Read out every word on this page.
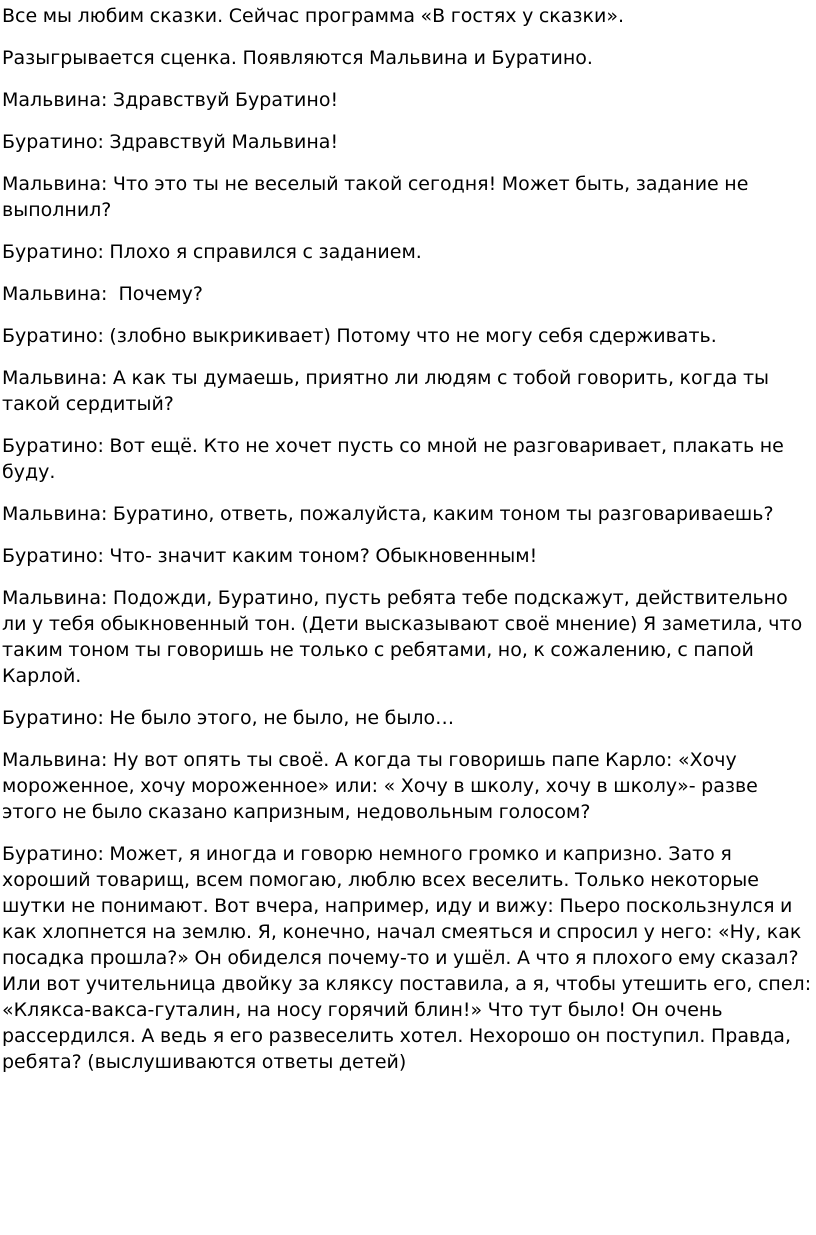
Все мы любим сказки. Сейчас программа «В гостях у сказки».

Разыгрывается сценка. Появляются Мальвина и Буратино.

Мальвина: Здравствуй Буратино!

Буратино: Здравствуй Мальвина!

Мальвина: Что это ты не веселый такой сегодня! Может быть, задание не выполнил?

Буратино: Плохо я справился с заданием.

Мальвина:  Почему?

Буратино: (злобно выкрикивает) Потому что не могу себя сдерживать.

Мальвина: А как ты думаешь, приятно ли людям с тобой говорить, когда ты такой сердитый?

Буратино: Вот ещё. Кто не хочет пусть со мной не разговаривает, плакать не буду.

Мальвина: Буратино, ответь, пожалуйста, каким тоном ты разговариваешь?

Буратино: Что- значит каким тоном? Обыкновенным!

Мальвина: Подожди, Буратино, пусть ребята тебе подскажут, действительно ли у тебя обыкновенный тон. (Дети высказывают своё мнение) Я заметила, что таким тоном ты говоришь не только с ребятами, но, к сожалению, с папой Карлой.

Буратино: Не было этого, не было, не было…

Мальвина: Ну вот опять ты своё. А когда ты говоришь папе Карло: «Хочу мороженное, хочу мороженное» или: « Хочу в школу, хочу в школу»- разве этого не было сказано капризным, недовольным голосом?

Буратино: Может, я иногда и говорю немного громко и капризно. Зато я хороший товарищ, всем помогаю, люблю всех веселить. Только некоторые шутки не понимают. Вот вчера, например, иду и вижу: Пьеро поскользнулся и как хлопнется на землю. Я, конечно, начал смеяться и спросил у него: «Ну, как посадка прошла?» Он обиделся почему-то и ушёл. А что я плохого ему сказал? Или вот учительница двойку за кляксу поставила, а я, чтобы утешить его, спел: «Клякса-вакса-гуталин, на носу горячий блин!» Что тут было! Он очень рассердился. А ведь я его развеселить хотел. Нехорошо он поступил. Правда, ребята? (выслушиваются ответы детей)
